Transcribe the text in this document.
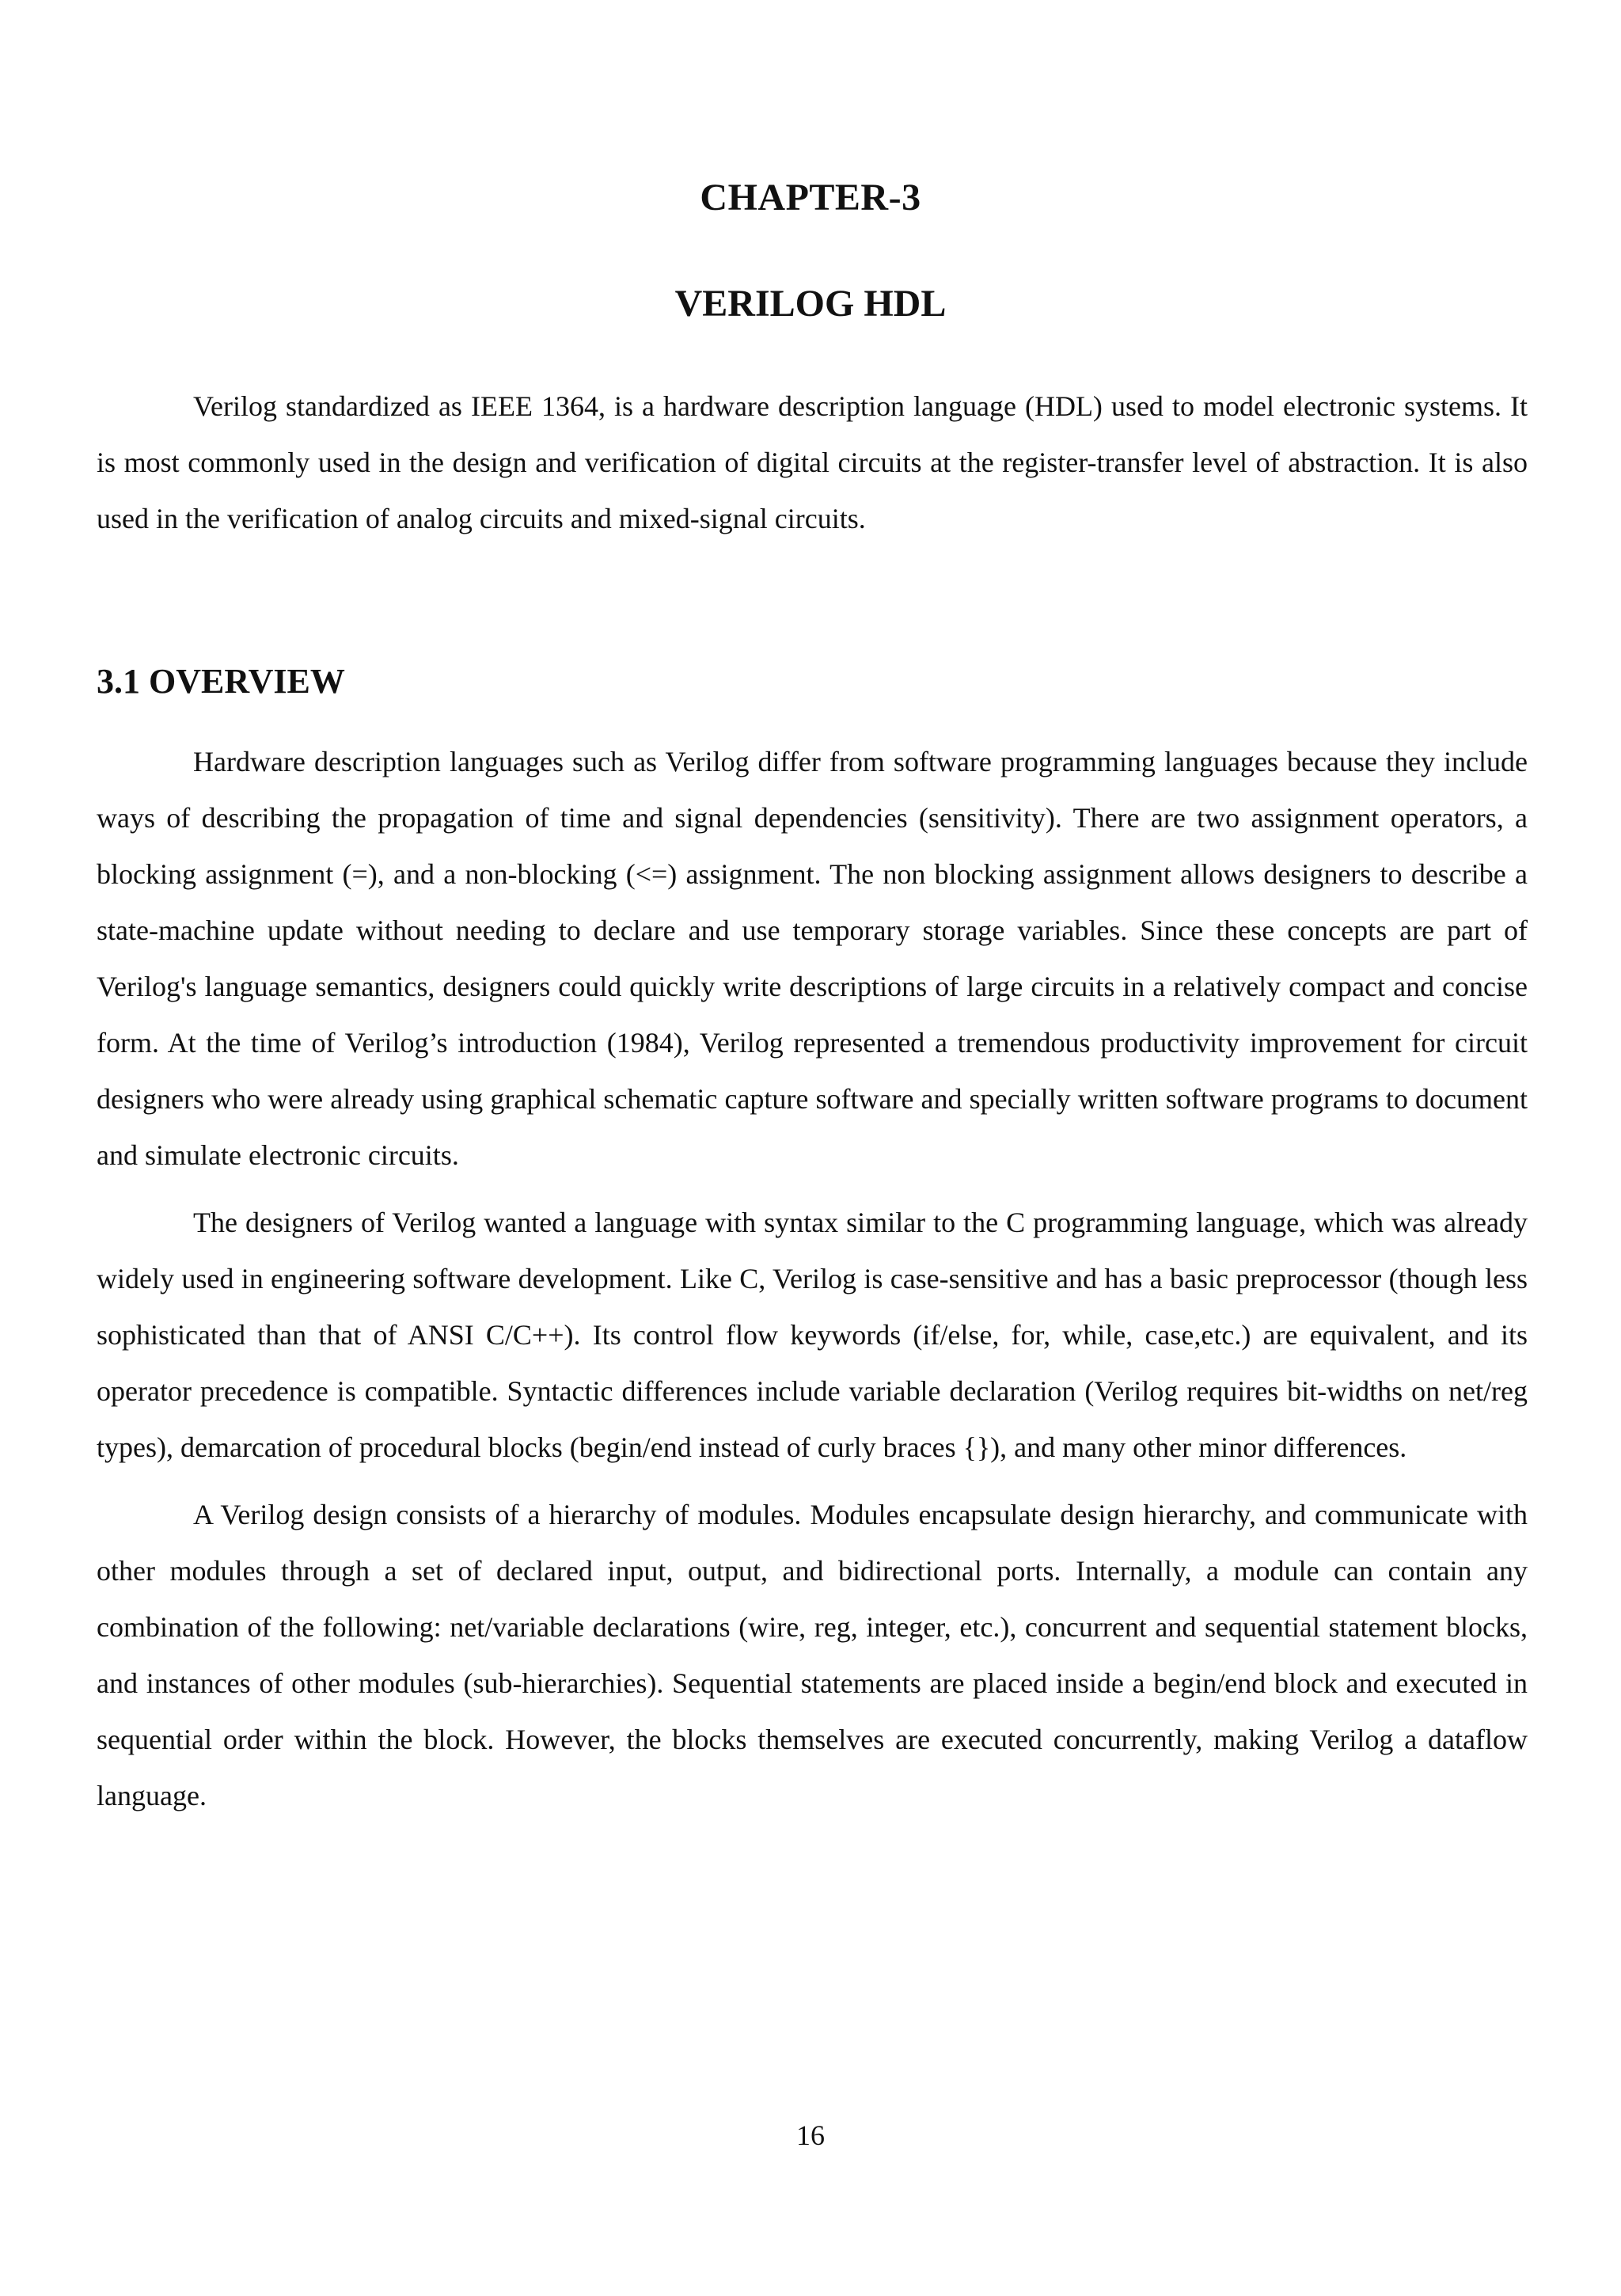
CHAPTER-3
VERILOG HDL

Verilog standardized as IEEE 1364, is a hardware description language (HDL) used to model electronic systems. It is most commonly used in the design and verification of digital circuits at the register-transfer level of abstraction. It is also used in the verification of analog circuits and mixed-signal circuits.

3.1 OVERVIEW

Hardware description languages such as Verilog differ from software programming languages because they include ways of describing the propagation of time and signal dependencies (sensitivity). There are two assignment operators, a blocking assignment (=), and a non-blocking (<=) assignment. The non blocking assignment allows designers to describe a state-machine update without needing to declare and use temporary storage variables. Since these concepts are part of Verilog's language semantics, designers could quickly write descriptions of large circuits in a relatively compact and concise form. At the time of Verilog’s introduction (1984), Verilog represented a tremendous productivity improvement for circuit designers who were already using graphical schematic capture software and specially written software programs to document and simulate electronic circuits.

The designers of Verilog wanted a language with syntax similar to the C programming language, which was already widely used in engineering software development. Like C, Verilog is case-sensitive and has a basic preprocessor (though less sophisticated than that of ANSI C/C++). Its control flow keywords (if/else, for, while, case,etc.) are equivalent, and its operator precedence is compatible. Syntactic differences include variable declaration (Verilog requires bit-widths on net/reg types), demarcation of procedural blocks (begin/end instead of curly braces {}), and many other minor differences.

A Verilog design consists of a hierarchy of modules. Modules encapsulate design hierarchy, and communicate with other modules through a set of declared input, output, and bidirectional ports. Internally, a module can contain any combination of the following: net/variable declarations (wire, reg, integer, etc.), concurrent and sequential statement blocks, and instances of other modules (sub-hierarchies). Sequential statements are placed inside a begin/end block and executed in sequential order within the block. However, the blocks themselves are executed concurrently, making Verilog a dataflow language.

16
